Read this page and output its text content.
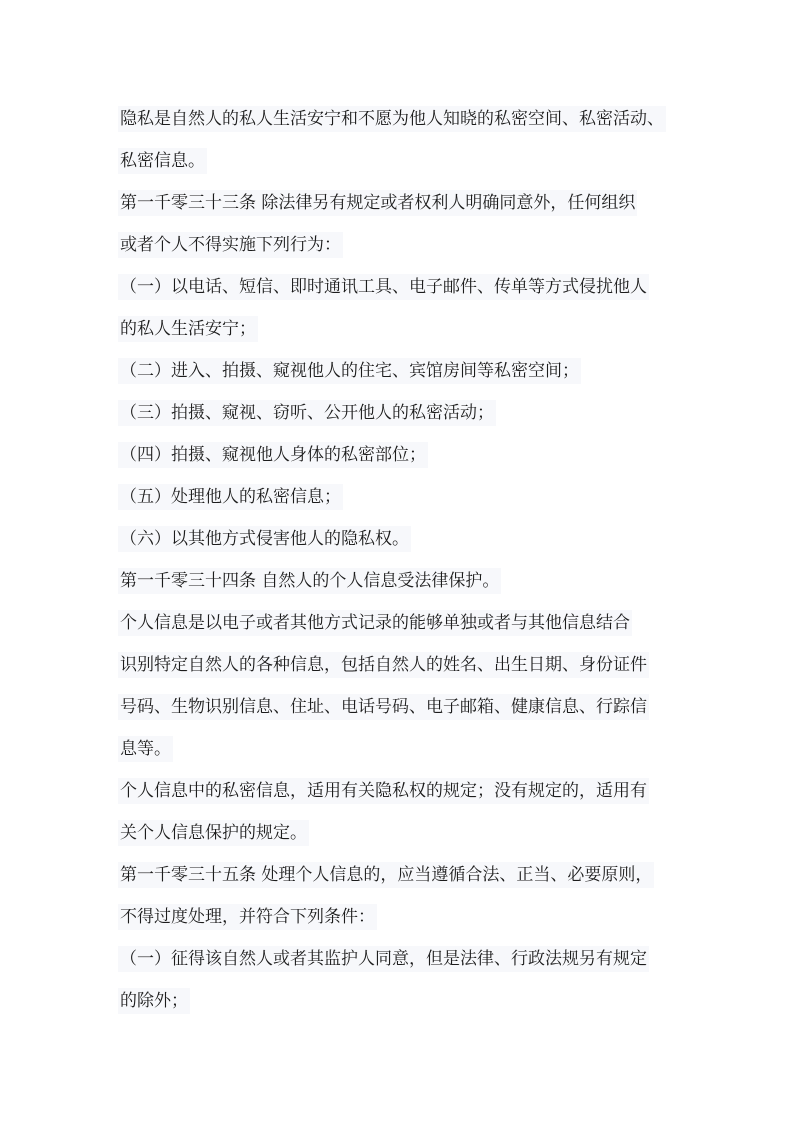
隐私是自然人的私人生活安宁和不愿为他人知晓的私密空间、私密活动、
私密信息。
第一千零三十三条 除法律另有规定或者权利人明确同意外，任何组织
或者个人不得实施下列行为：
（一）以电话、短信、即时通讯工具、电子邮件、传单等方式侵扰他人
的私人生活安宁；
（二）进入、拍摄、窥视他人的住宅、宾馆房间等私密空间；
（三）拍摄、窥视、窃听、公开他人的私密活动；
（四）拍摄、窥视他人身体的私密部位；
（五）处理他人的私密信息；
（六）以其他方式侵害他人的隐私权。
第一千零三十四条 自然人的个人信息受法律保护。
个人信息是以电子或者其他方式记录的能够单独或者与其他信息结合
识别特定自然人的各种信息，包括自然人的姓名、出生日期、身份证件
号码、生物识别信息、住址、电话号码、电子邮箱、健康信息、行踪信
息等。
个人信息中的私密信息，适用有关隐私权的规定；没有规定的，适用有
关个人信息保护的规定。
第一千零三十五条 处理个人信息的，应当遵循合法、正当、必要原则，
不得过度处理，并符合下列条件：
（一）征得该自然人或者其监护人同意，但是法律、行政法规另有规定
的除外；
